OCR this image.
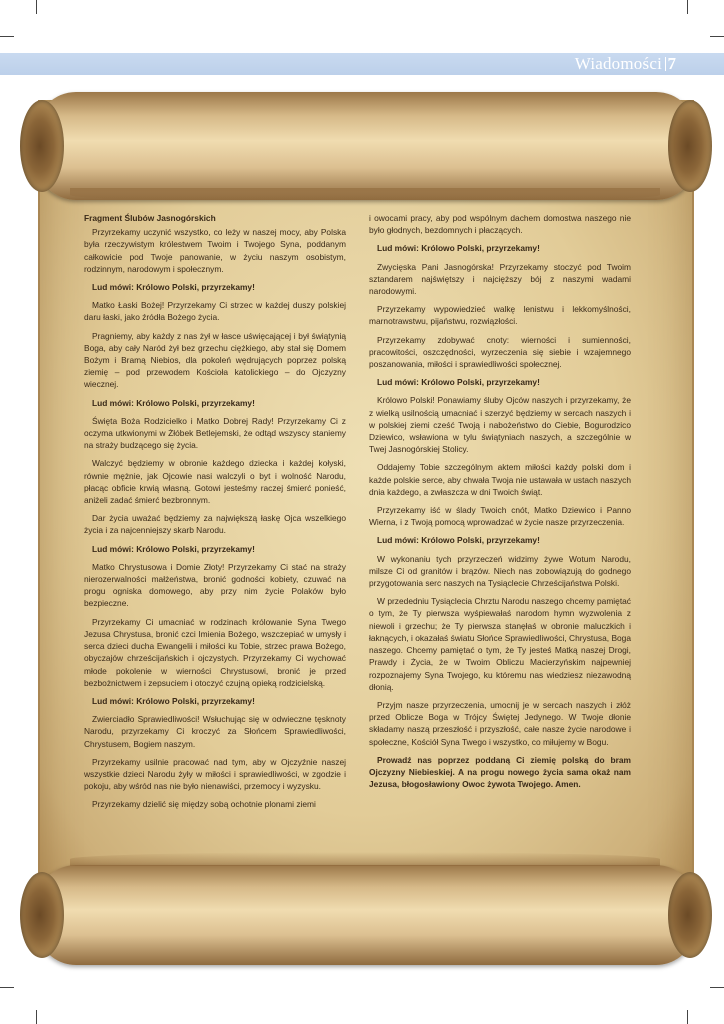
Wiadomości 7

Fragment Ślubów Jasnogórskich

Przyrzekamy uczynić wszystko, co leży w naszej mocy, aby Polska była rzeczywistym królestwem Twoim i Twojego Syna, poddanym całkowicie pod Twoje panowanie, w życiu naszym osobistym, rodzinnym, narodowym i społecznym.

Lud mówi: Królowo Polski, przyrzekamy!

Matko Łaski Bożej! Przyrzekamy Ci strzec w każdej duszy polskiej daru łaski, jako źródła Bożego życia.

Pragniemy, aby każdy z nas żył w łasce uświęcającej i był świątynią Boga, aby cały Naród żył bez grzechu ciężkiego, aby stał się Domem Bożym i Bramą Niebios, dla pokoleń wędrujących poprzez polską ziemię – pod przewodem Kościoła katolickiego – do Ojczyzny wiecznej.

Lud mówi: Królowo Polski, przyrzekamy!

Święta Boża Rodzicielko i Matko Dobrej Rady! Przyrzekamy Ci z oczyma utkwionymi w Żłóbek Betlejemski, że odtąd wszyscy staniemy na straży budzącego się życia.

Walczyć będziemy w obronie każdego dziecka i każdej kołyski, równie mężnie, jak Ojcowie nasi walczyli o byt i wolność Narodu, płacąc obficie krwią własną. Gotowi jesteśmy raczej śmierć ponieść, aniżeli zadać śmierć bezbronnym.

Dar życia uważać będziemy za największą łaskę Ojca wszelkiego życia i za najcenniejszy skarb Narodu.

Lud mówi: Królowo Polski, przyrzekamy!

Matko Chrystusowa i Domie Złoty! Przyrzekamy Ci stać na straży nierozerwalności małżeństwa, bronić godności kobiety, czuwać na progu ogniska domowego, aby przy nim życie Polaków było bezpieczne.

Przyrzekamy Ci umacniać w rodzinach królowanie Syna Twego Jezusa Chrystusa, bronić czci Imienia Bożego, wszczepiać w umysły i serca dzieci ducha Ewangelii i miłości ku Tobie, strzec prawa Bożego, obyczajów chrześcijańskich i ojczystych. Przyrzekamy Ci wychować młode pokolenie w wierności Chrystusowi, bronić je przed bezbożnictwem i zepsuciem i otoczyć czujną opieką rodzicielską.

Lud mówi: Królowo Polski, przyrzekamy!

Zwierciadło Sprawiedliwości! Wsłuchując się w odwieczne tęsknoty Narodu, przyrzekamy Ci kroczyć za Słońcem Sprawiedliwości, Chrystusem, Bogiem naszym.

Przyrzekamy usilnie pracować nad tym, aby w Ojczyźnie naszej wszystkie dzieci Narodu żyły w miłości i sprawiedliwości, w zgodzie i pokoju, aby wśród nas nie było nienawiści, przemocy i wyzysku.

Przyrzekamy dzielić się między sobą ochotnie plonami ziemi

i owocami pracy, aby pod wspólnym dachem domostwa naszego nie było głodnych, bezdomnych i płaczących.

Lud mówi: Królowo Polski, przyrzekamy!

Zwycięska Pani Jasnogórska! Przyrzekamy stoczyć pod Twoim sztandarem najświętszy i najcięższy bój z naszymi wadami narodowymi.

Przyrzekamy wypowiedzieć walkę lenistwu i lekkomyślności, marnotrawstwu, pijaństwu, rozwiązłości.

Przyrzekamy zdobywać cnoty: wierności i sumienności, pracowitości, oszczędności, wyrzeczenia się siebie i wzajemnego poszanowania, miłości i sprawiedliwości społecznej.

Lud mówi: Królowo Polski, przyrzekamy!

Królowo Polski! Ponawiamy śluby Ojców naszych i przyrzekamy, że z wielką usilnością umacniać i szerzyć będziemy w sercach naszych i w polskiej ziemi cześć Twoją i nabożeństwo do Ciebie, Bogurodzico Dziewico, wsławiona w tylu świątyniach naszych, a szczególnie w Twej Jasnogórskiej Stolicy.

Oddajemy Tobie szczególnym aktem miłości każdy polski dom i każde polskie serce, aby chwała Twoja nie ustawała w ustach naszych dnia każdego, a zwłaszcza w dni Twoich świąt.

Przyrzekamy iść w ślady Twoich cnót, Matko Dziewico i Panno Wierna, i z Twoją pomocą wprowadzać w życie nasze przyrzeczenia.

Lud mówi: Królowo Polski, przyrzekamy!

W wykonaniu tych przyrzeczeń widzimy żywe Wotum Narodu, milsze Ci od granitów i brązów. Niech nas zobowiązują do godnego przygotowania serc naszych na Tysiąclecie Chrześcijaństwa Polski.

W przededniu Tysiąclecia Chrztu Narodu naszego chcemy pamiętać o tym, że Ty pierwsza wyśpiewałaś narodom hymn wyzwolenia z niewoli i grzechu; że Ty pierwsza stanęłaś w obronie maluczkich i łaknących, i okazałaś światu Słońce Sprawiedliwości, Chrystusa, Boga naszego. Chcemy pamiętać o tym, że Ty jesteś Matką naszej Drogi, Prawdy i Życia, że w Twoim Obliczu Macierzyńskim najpewniej rozpoznajemy Syna Twojego, ku któremu nas wiedziesz niezawodną dłonią.

Przyjm nasze przyrzeczenia, umocnij je w sercach naszych i złóż przed Oblicze Boga w Trójcy Świętej Jedynego. W Twoje dłonie składamy naszą przeszłość i przyszłość, całe nasze życie narodowe i społeczne, Kościół Syna Twego i wszystko, co miłujemy w Bogu.

Prowadź nas poprzez poddaną Ci ziemię polską do bram Ojczyzny Niebieskiej. A na progu nowego życia sama okaż nam Jezusa, błogosławiony Owoc żywota Twojego. Amen.
